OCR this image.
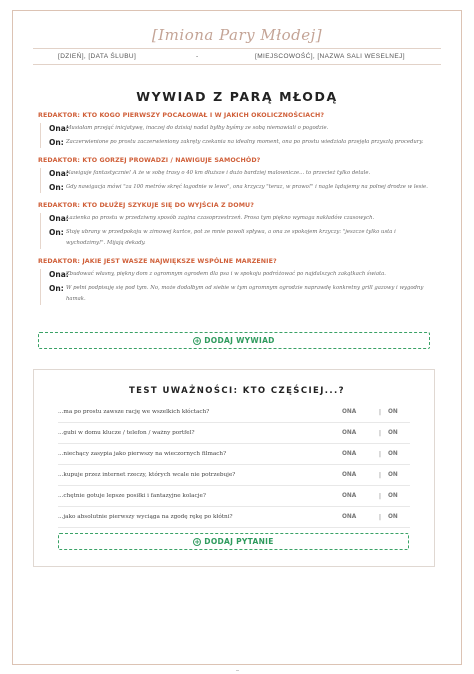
[Imiona Pary Młodej]
[DZIEŃ], [DATA ŚLUBU]	-	[MIEJSCOWOŚĆ], [NAZWA SALI WESELNEJ]
WYWIAD Z PARĄ MŁODĄ
REDAKTOR: KTO KOGO PIERWSZY POCAŁOWAŁ I W JAKICH OKOLICZNOŚCIACH?
Ona:
Musiałam przejąć inicjatywę, inaczej do dzisiaj nadal byłby byśmy ze sobą niemawiali o pogodzie.
On: Zaczerwienione po prostu zaczerwieniony zakręty czekania na idealny moment, ona po prostu wiedziała przejęła przyszłą procedury.
REDAKTOR: KTO GORZEJ PROWADZI / NAWIGUJE SAMOCHÓD?
Ona:
Nawiguje fantastycznie! A że w sobę trasy o 40 km dłuższe i dużo bardziej malownicze... to przecież tylko detale.
On: Gdy nawigacja mówi "za 100 metrów skręć łagodnie w lewo", ona krzyczy "teraz, w prawo!" i nagle lądujemy na polnej drodze w lesie.
REDAKTOR: KTO DŁUŻEJ SZYKUJE SIĘ DO WYJŚCIA Z DOMU?
Ona:
Łazienka po prostu w przedziwny sposób zagina czasoprzestrzeń. Prosa tym piękno wymaga nakładów czasowych.
On: Stoję ubrany w przedpokoju w zimowej kurtce, pot ze mnie powoli spływa, a ona ze spokojem krzyczy: "jeszcze tylko usta i wychodzimy!". Mijają dekady.
REDAKTOR: JAKIE JEST WASZE NAJWIĘKSZE WSPÓLNE MARZENIE?
Ona:
Zbudować własny, piękny dom z ogromnym ogrodem dla psa i w spokoju podróżować po najdalszych zakątkach świata.
On: W pełni podpisuję się pod tym. No, może dodałbym od siebie w tym ogromnym ogrodzie naprawdę konkretny grill gazowy i wygodny hamak.
+ DODAJ WYWIAD
TEST UWAŻNOŚCI: KTO CZĘŚCIEJ...?
...ma po prostu zawsze rację we wszelkich kłóctach?	ONA	|	ON
...gubi w domu klucze / telefon / ważny portfel?	ONA	|	ON
...niechący zasypia jako pierwszy na wieczornych filmach?	ONA	|	ON
...kupuje przez internet rzeczy, których wcale nie potrzebuje?	ONA	|	ON
...chętnie gotuje lepsze posiłki i fantazyjne kolacje?	ONA	|	ON
...jako absolutnie pierwszy wyciąga na zgodę rękę po kłótni?	ONA	|	ON
+ DODAJ PYTANIE
